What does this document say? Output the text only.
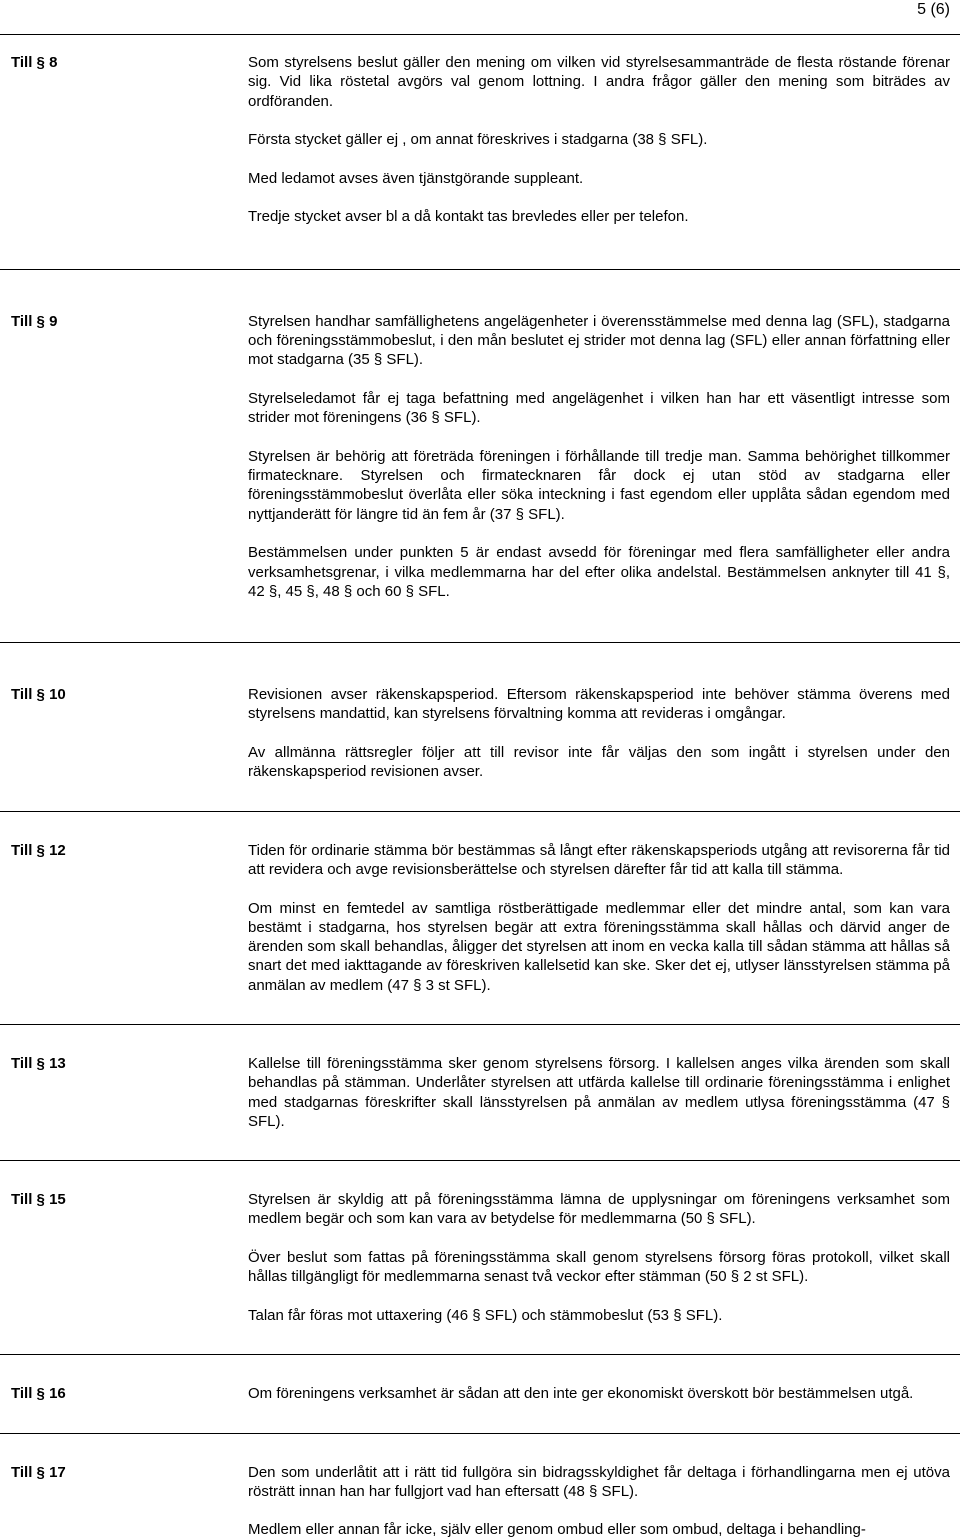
5 (6)
Till § 8	Som styrelsens beslut gäller den mening om vilken vid styrelsesammanträde de flesta röstande förenar sig. Vid lika röstetal avgörs val genom lottning. I andra frågor gäller den mening som biträdes av ordföranden.

Första stycket gäller ej , om annat föreskrives i stadgarna (38 § SFL).

Med ledamot avses även tjänstgörande suppleant.

Tredje stycket avser bl a då kontakt tas brevledes eller per telefon.

Till § 9	Styrelsen handhar samfällighetens angelägenheter i överensstämmelse med denna lag (SFL), stadgarna och föreningsstämmobeslut, i den mån beslutet ej strider mot denna lag (SFL) eller annan författning eller mot stadgarna (35 § SFL).

Styrelseledamot får ej taga befattning med angelägenhet i vilken han har ett väsentligt intresse som strider mot föreningens (36 § SFL).

Styrelsen är behörig att företräda föreningen i förhållande till tredje man. Samma behörighet tillkommer firmatecknare. Styrelsen och firmatecknaren får dock ej utan stöd av stadgarna eller föreningsstämmobeslut överlåta eller söka inteckning i fast egendom eller upplåta sådan egendom med nyttjanderätt för längre tid än fem år (37 § SFL).

Bestämmelsen under punkten 5 är endast avsedd för föreningar med flera samfälligheter eller andra verksamhetsgrenar, i vilka medlemmarna har del efter olika andelstal. Bestämmelsen anknyter till 41 §, 42 §, 45 §, 48 § och 60 § SFL.

Till § 10	Revisionen avser räkenskapsperiod. Eftersom räkenskapsperiod inte behöver stämma överens med styrelsens mandattid, kan styrelsens förvaltning komma att revideras i omgångar.

Av allmänna rättsregler följer att till revisor inte får väljas den som ingått i styrelsen under den räkenskapsperiod revisionen avser.

Till § 12	Tiden för ordinarie stämma bör bestämmas så långt efter räkenskapsperiods utgång att revisorerna får tid att revidera och avge revisionsberättelse och styrelsen därefter får tid att kalla till stämma.

Om minst en femtedel av samtliga röstberättigade medlemmar eller det mindre antal, som kan vara bestämt i stadgarna, hos styrelsen begär att extra föreningsstämma skall hållas och därvid anger de ärenden som skall behandlas, åligger det styrelsen att inom en vecka kalla till sådan stämma att hållas så snart det med iakttagande av föreskriven kallelsetid kan ske. Sker det ej, utlyser länsstyrelsen stämma på anmälan av medlem (47 § 3 st SFL).

Till § 13	Kallelse till föreningsstämma sker genom styrelsens försorg. I kallelsen anges vilka ärenden som skall behandlas på stämman. Underlåter styrelsen att utfärda kallelse till ordinarie föreningsstämma i enlighet med stadgarnas föreskrifter skall länsstyrelsen på anmälan av medlem utlysa föreningsstämma (47 § SFL).

Till § 15	Styrelsen är skyldig att på föreningsstämma lämna de upplysningar om föreningens verksamhet som medlem begär och som kan vara av betydelse för medlemmarna (50 § SFL).

Över beslut som fattas på föreningsstämma skall genom styrelsens försorg föras protokoll, vilket skall hållas tillgängligt för medlemmarna senast två veckor efter stämman (50 § 2 st SFL).

Talan får föras mot uttaxering (46 § SFL) och stämmobeslut (53 § SFL).

Till § 16	Om föreningens verksamhet är sådan att den inte ger ekonomiskt överskott bör bestämmelsen utgå.

Till § 17	Den som underlåtit att i rätt tid fullgöra sin bidragsskyldighet får deltaga i förhandlingarna men ej utöva rösträtt innan han har fullgjort vad han eftersatt (48 § SFL).

Medlem eller annan får icke, själv eller genom ombud eller som ombud, deltaga i behandling-
